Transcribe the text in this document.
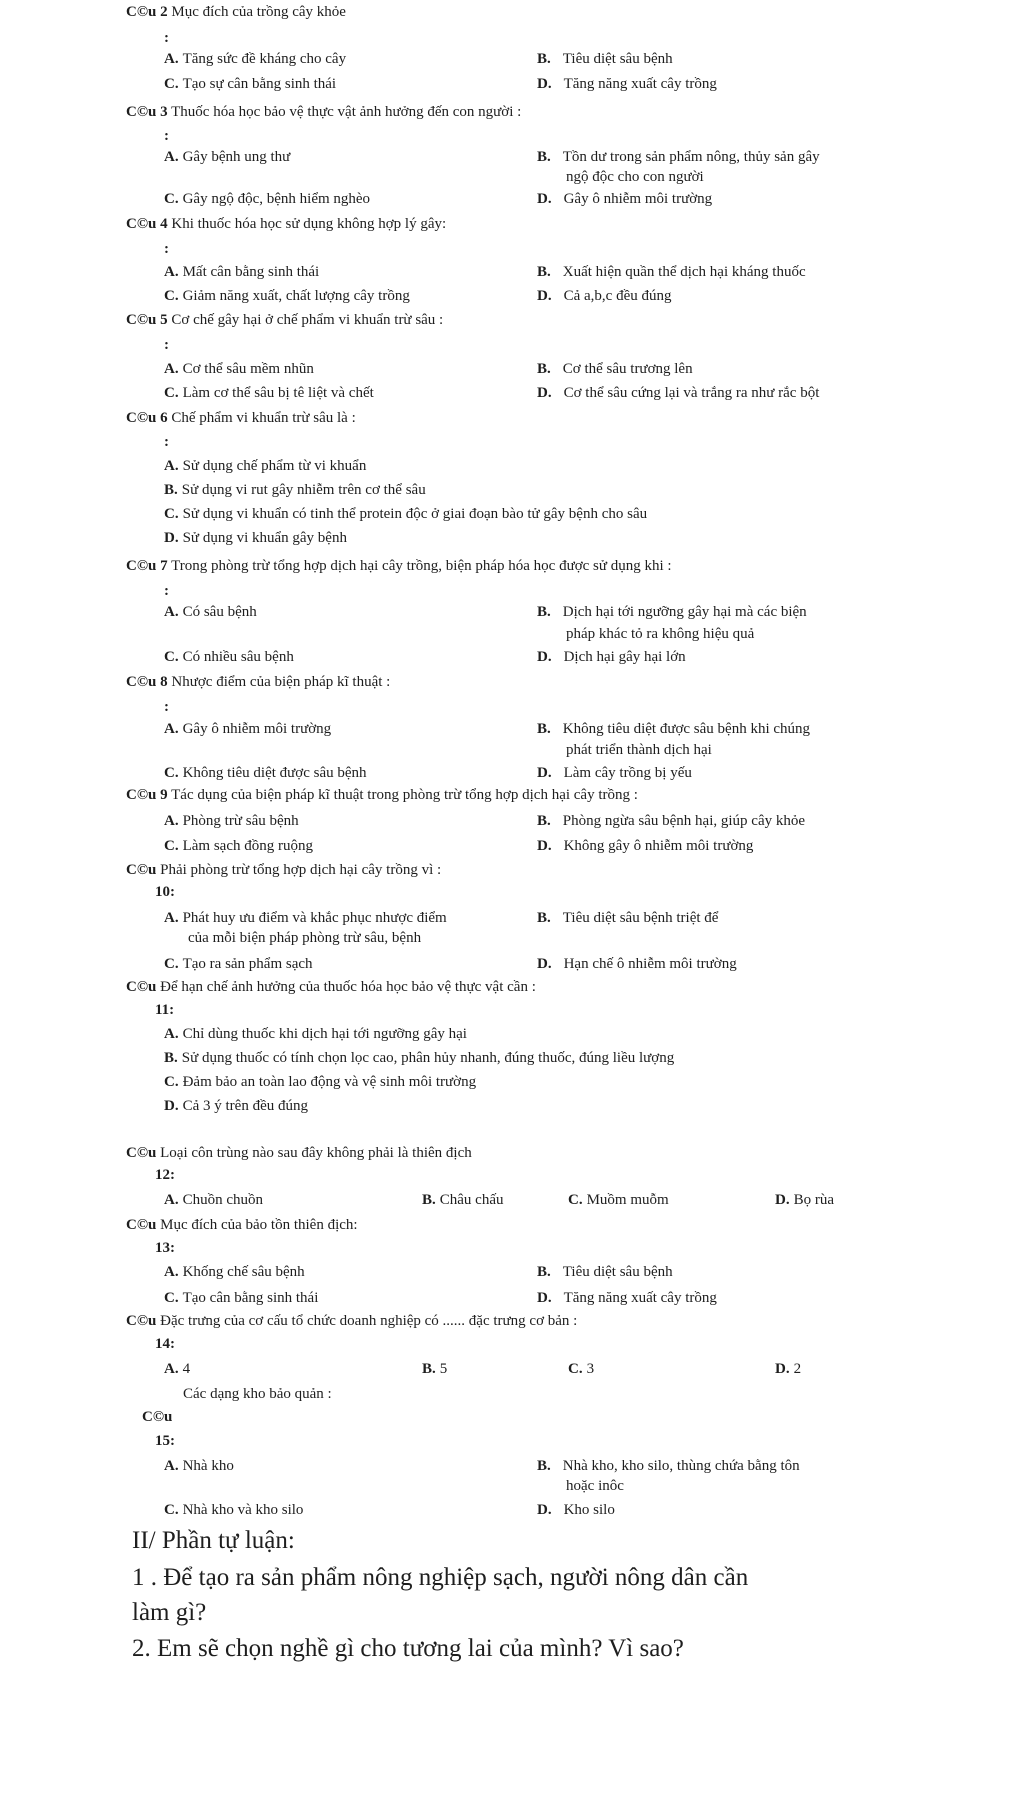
C©u 2 Mục đích của trồng cây khỏe
:
A. Tăng sức đề kháng cho cây	B. Tiêu diệt sâu bệnh
C. Tạo sự cân bằng sinh thái	D. Tăng năng xuất cây trồng
C©u 3 Thuốc hóa học bảo vệ thực vật ảnh hưởng đến con người :
:
A. Gây bệnh ung thư	B. Tồn dư trong sản phẩm nông, thủy sản gây
ngộ độc cho con người
C. Gây ngộ độc, bệnh hiểm nghèo	D. Gây ô nhiễm môi trường
C©u 4 Khi thuốc hóa học sử dụng không hợp lý gây:
:
A. Mất cân bằng sinh thái	B. Xuất hiện quần thể dịch hại kháng thuốc
C. Giảm năng xuất, chất lượng cây trồng	D. Cả a,b,c đều đúng
C©u 5 Cơ chế gây hại ở chế phẩm vi khuẩn trừ sâu :
:
A. Cơ thể sâu mềm nhũn	B. Cơ thể sâu trương lên
C. Làm cơ thể sâu bị tê liệt và chết	D. Cơ thể sâu cứng lại và trắng ra như rắc bột
C©u 6 Chế phẩm vi khuẩn trừ sâu là :
:
A. Sử dụng chế phẩm từ vi khuẩn
B. Sử dụng vi rut gây nhiễm trên cơ thể sâu
C. Sử dụng vi khuẩn có tinh thể protein độc ở giai đoạn bào tử gây bệnh cho sâu
D. Sử dụng vi khuẩn gây bệnh
C©u 7 Trong phòng trừ tổng hợp dịch hại cây trồng, biện pháp hóa học được sử dụng khi :
:
A. Có sâu bệnh	B. Dịch hại tới ngưỡng gây hại mà các biện
pháp khác tỏ ra không hiệu quả
C. Có nhiều sâu bệnh	D. Dịch hại gây hại lớn
C©u 8 Nhược điểm của biện pháp kĩ thuật :
:
A. Gây ô nhiễm môi trường	B. Không tiêu diệt được sâu bệnh khi chúng
phát triển thành dịch hại
C. Không tiêu diệt được sâu bệnh	D. Làm cây trồng bị yếu
C©u 9 Tác dụng của biện pháp kĩ thuật trong phòng trừ tổng hợp dịch hại cây trồng :
A. Phòng trừ sâu bệnh	B. Phòng ngừa sâu bệnh hại, giúp cây khỏe
C. Làm sạch đồng ruộng	D. Không gây ô nhiễm môi trường
C©u Phải phòng trừ tổng hợp dịch hại cây trồng vì :
10:
A. Phát huy ưu điểm và khắc phục nhược điểm
của mỗi biện pháp phòng trừ sâu, bệnh
B. Tiêu diệt sâu bệnh triệt để
C. Tạo ra sản phẩm sạch	D. Hạn chế ô nhiễm môi trường
C©u Để hạn chế ảnh hưởng của thuốc hóa học bảo vệ thực vật cần :
11:
A. Chỉ dùng thuốc khi dịch hại tới ngưỡng gây hại
B. Sử dụng thuốc có tính chọn lọc cao, phân hủy nhanh, đúng thuốc, đúng liều lượng
C. Đảm bảo an toàn lao động và vệ sinh môi trường
D. Cả 3 ý trên đều đúng
C©u Loại côn trùng nào sau đây không phải là thiên địch
12:
A. Chuồn chuồn	B. Châu chấu	C. Muồm muỗm	D. Bọ rùa
C©u Mục đích của bảo tồn thiên địch:
13:
A. Khống chế sâu bệnh	B. Tiêu diệt sâu bệnh
C. Tạo cân bằng sinh thái	D. Tăng năng xuất cây trồng
C©u Đặc trưng của cơ cấu tổ chức doanh nghiệp có ...... đặc trưng cơ bản :
14:
A. 4	B. 5	C. 3	D. 2
Các dạng kho bảo quản :
C©u
15:
A. Nhà kho	B. Nhà kho, kho silo, thùng chứa bằng tôn
hoặc inôc
C. Nhà kho và kho silo	D. Kho silo
II/ Phần tự luận:
1 . Để tạo ra sản phẩm nông nghiệp sạch, người nông dân cần
làm gì?
2. Em sẽ chọn nghề gì cho tương lai của mình? Vì sao?
